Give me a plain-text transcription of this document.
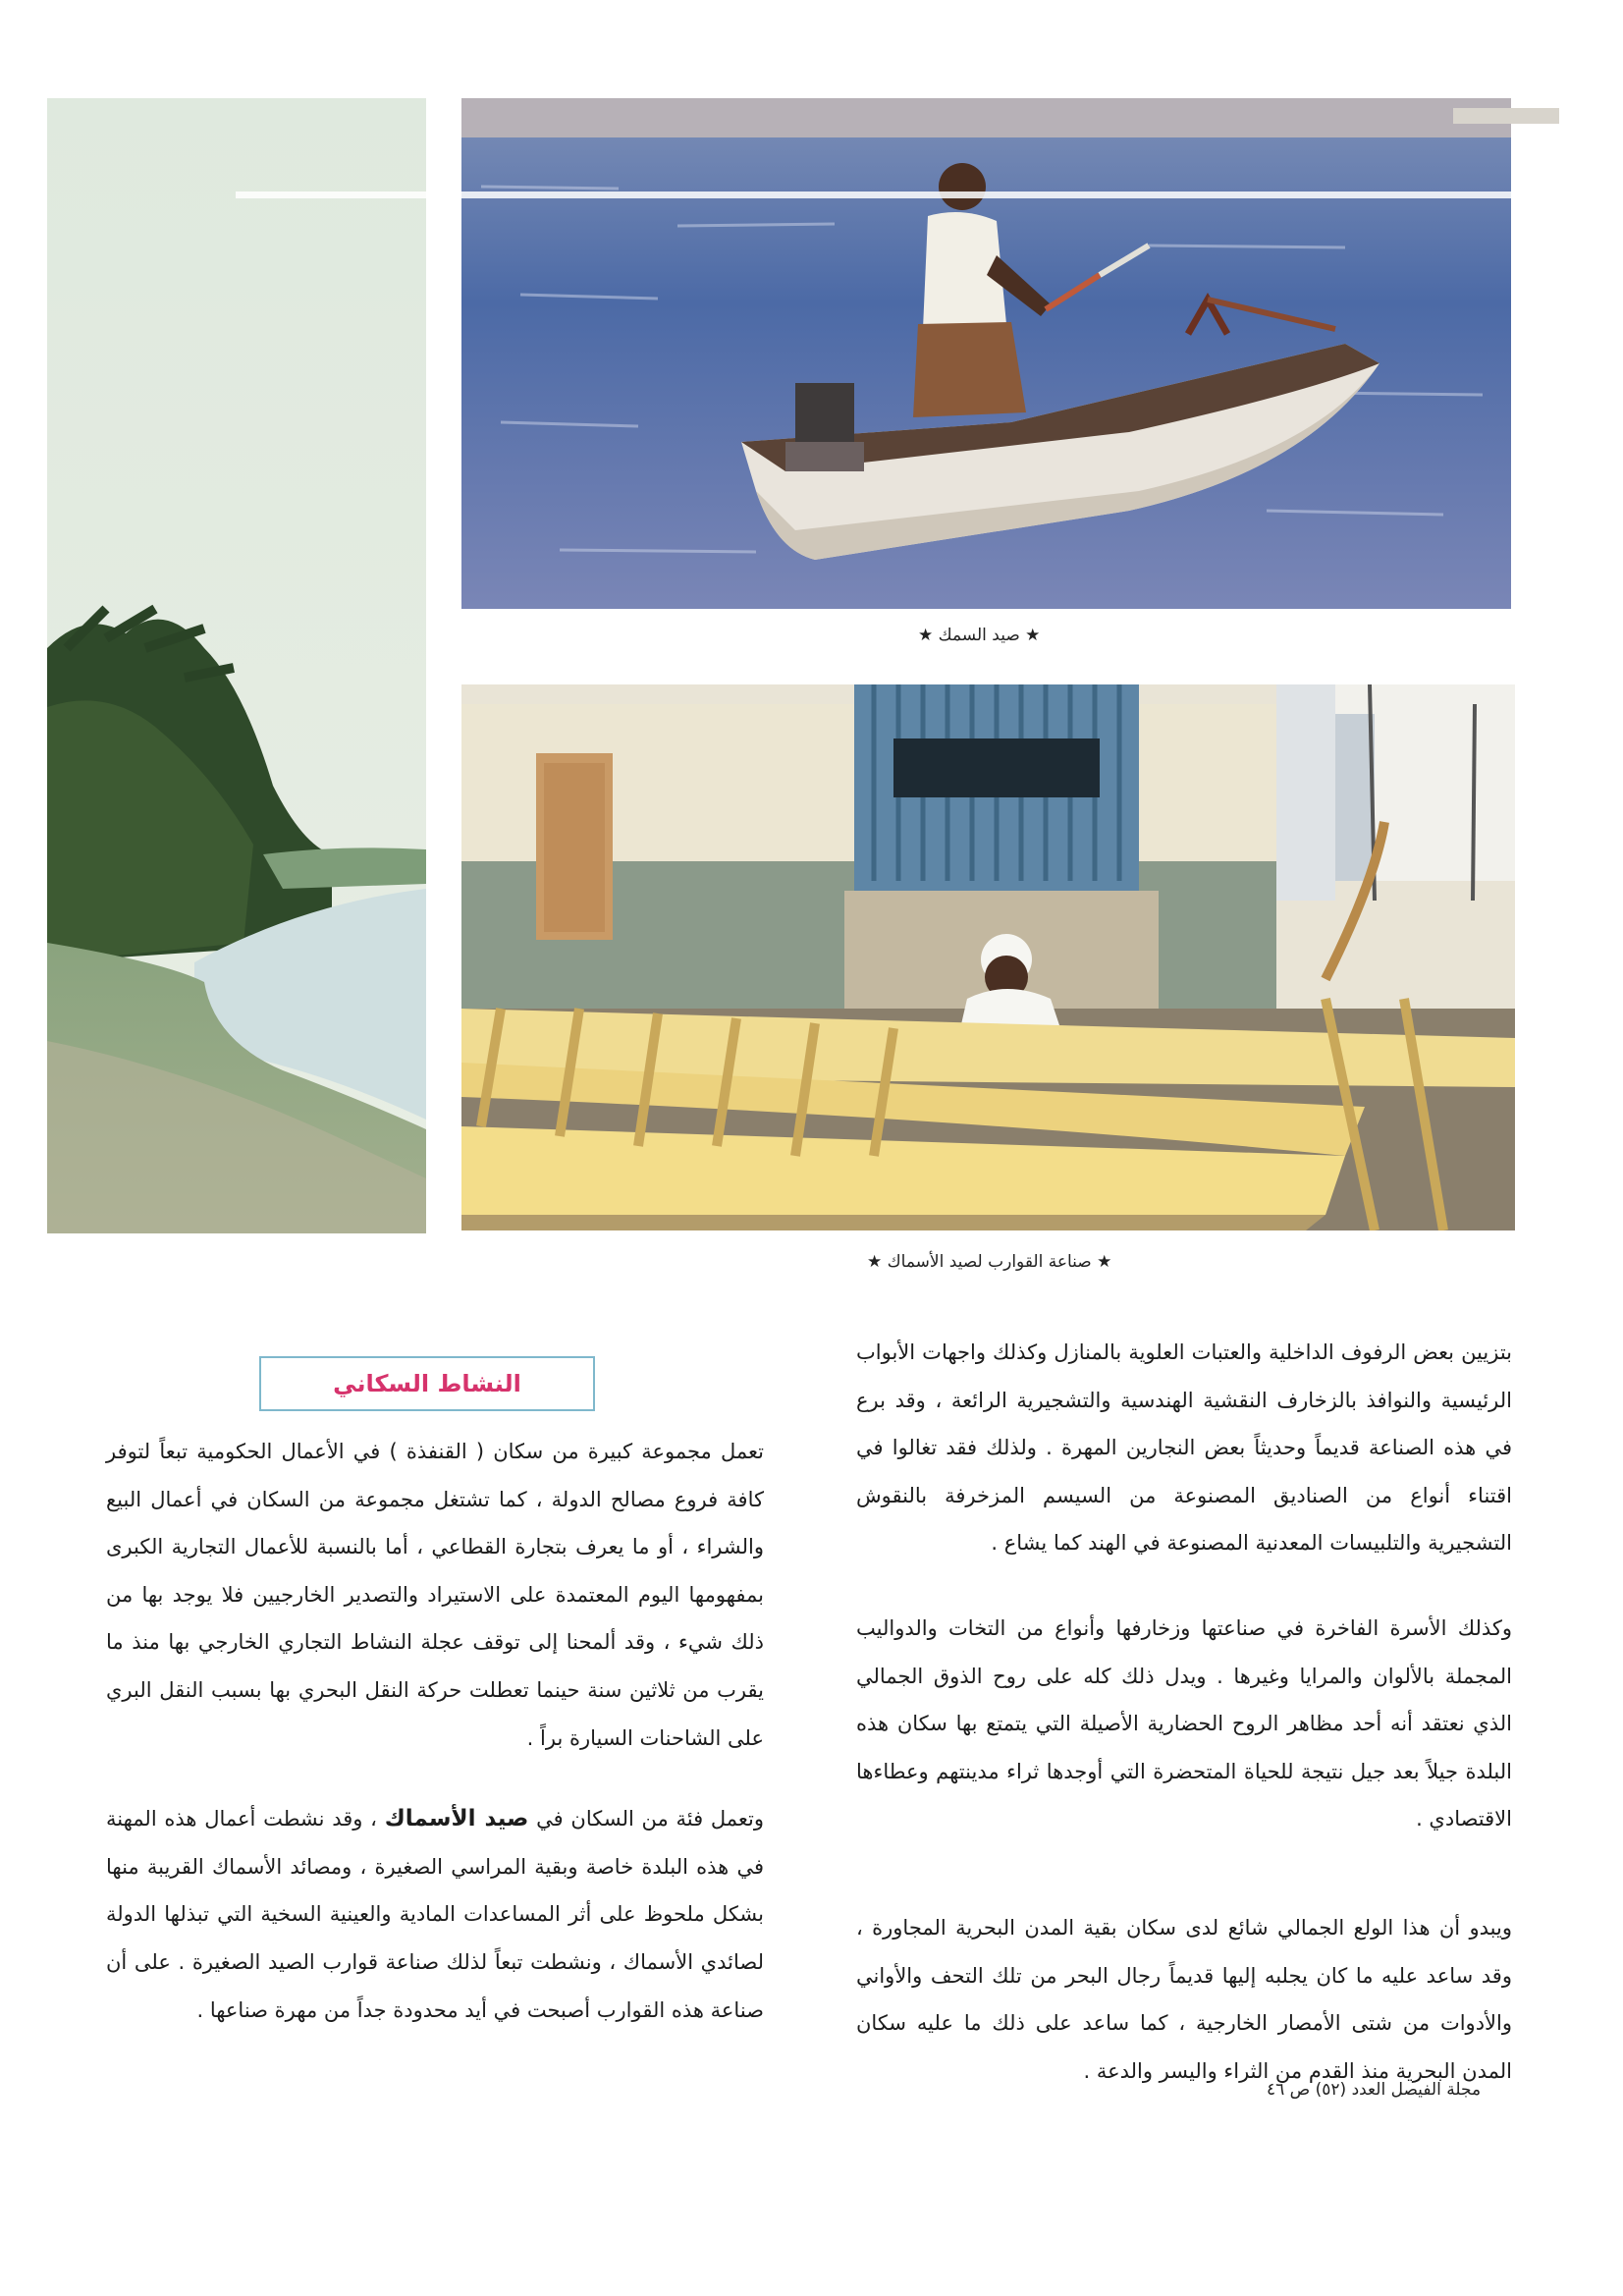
★ صيد السمك ★
★ صناعة القوارب لصيد الأسماك ★

بتزيين بعض الرفوف الداخلية والعتبات العلوية بالمنازل وكذلك واجهات الأبواب الرئيسية والنوافذ بالزخارف النقشية الهندسية والتشجيرية الرائعة ، وقد برع في هذه الصناعة قديماً وحديثاً بعض النجارين المهرة . ولذلك فقد تغالوا في اقتناء أنواع من الصناديق المصنوعة من السيسم المزخرفة بالنقوش التشجيرية والتلبيسات المعدنية المصنوعة في الهند كما يشاع .

وكذلك الأسرة الفاخرة في صناعتها وزخارفها وأنواع من التخات والدواليب المجملة بالألوان والمرايا وغيرها . ويدل ذلك كله على روح الذوق الجمالي الذي نعتقد أنه أحد مظاهر الروح الحضارية الأصيلة التي يتمتع بها سكان هذه البلدة جيلاً بعد جيل نتيجة للحياة المتحضرة التي أوجدها ثراء مدينتهم وعطاءها الاقتصادي .

ويبدو أن هذا الولع الجمالي شائع لدى سكان بقية المدن البحرية المجاورة ، وقد ساعد عليه ما كان يجلبه إليها قديماً رجال البحر من تلك التحف والأواني والأدوات من شتى الأمصار الخارجية ، كما ساعد على ذلك ما عليه سكان المدن البحرية منذ القدم من الثراء واليسر والدعة .

النشاط السكاني

تعمل مجموعة كبيرة من سكان ( القنفذة ) في الأعمال الحكومية تبعاً لتوفر كافة فروع مصالح الدولة ، كما تشتغل مجموعة من السكان في أعمال البيع والشراء ، أو ما يعرف بتجارة القطاعي ، أما بالنسبة للأعمال التجارية الكبرى بمفهومها اليوم المعتمدة على الاستيراد والتصدير الخارجيين فلا يوجد بها من ذلك شيء ، وقد ألمحنا إلى توقف عجلة النشاط التجاري الخارجي بها منذ ما يقرب من ثلاثين سنة حينما تعطلت حركة النقل البحري بها بسبب النقل البري على الشاحنات السيارة براً .

وتعمل فئة من السكان في صيد الأسماك ، وقد نشطت أعمال هذه المهنة في هذه البلدة خاصة وبقية المراسي الصغيرة ، ومصائد الأسماك القريبة منها بشكل ملحوظ على أثر المساعدات المادية والعينية السخية التي تبذلها الدولة لصائدي الأسماك ، ونشطت تبعاً لذلك صناعة قوارب الصيد الصغيرة . على أن صناعة هذه القوارب أصبحت في أيد محدودة جداً من مهرة صناعها .

مجلة الفيصل العدد (٥٢) ص ٤٦
